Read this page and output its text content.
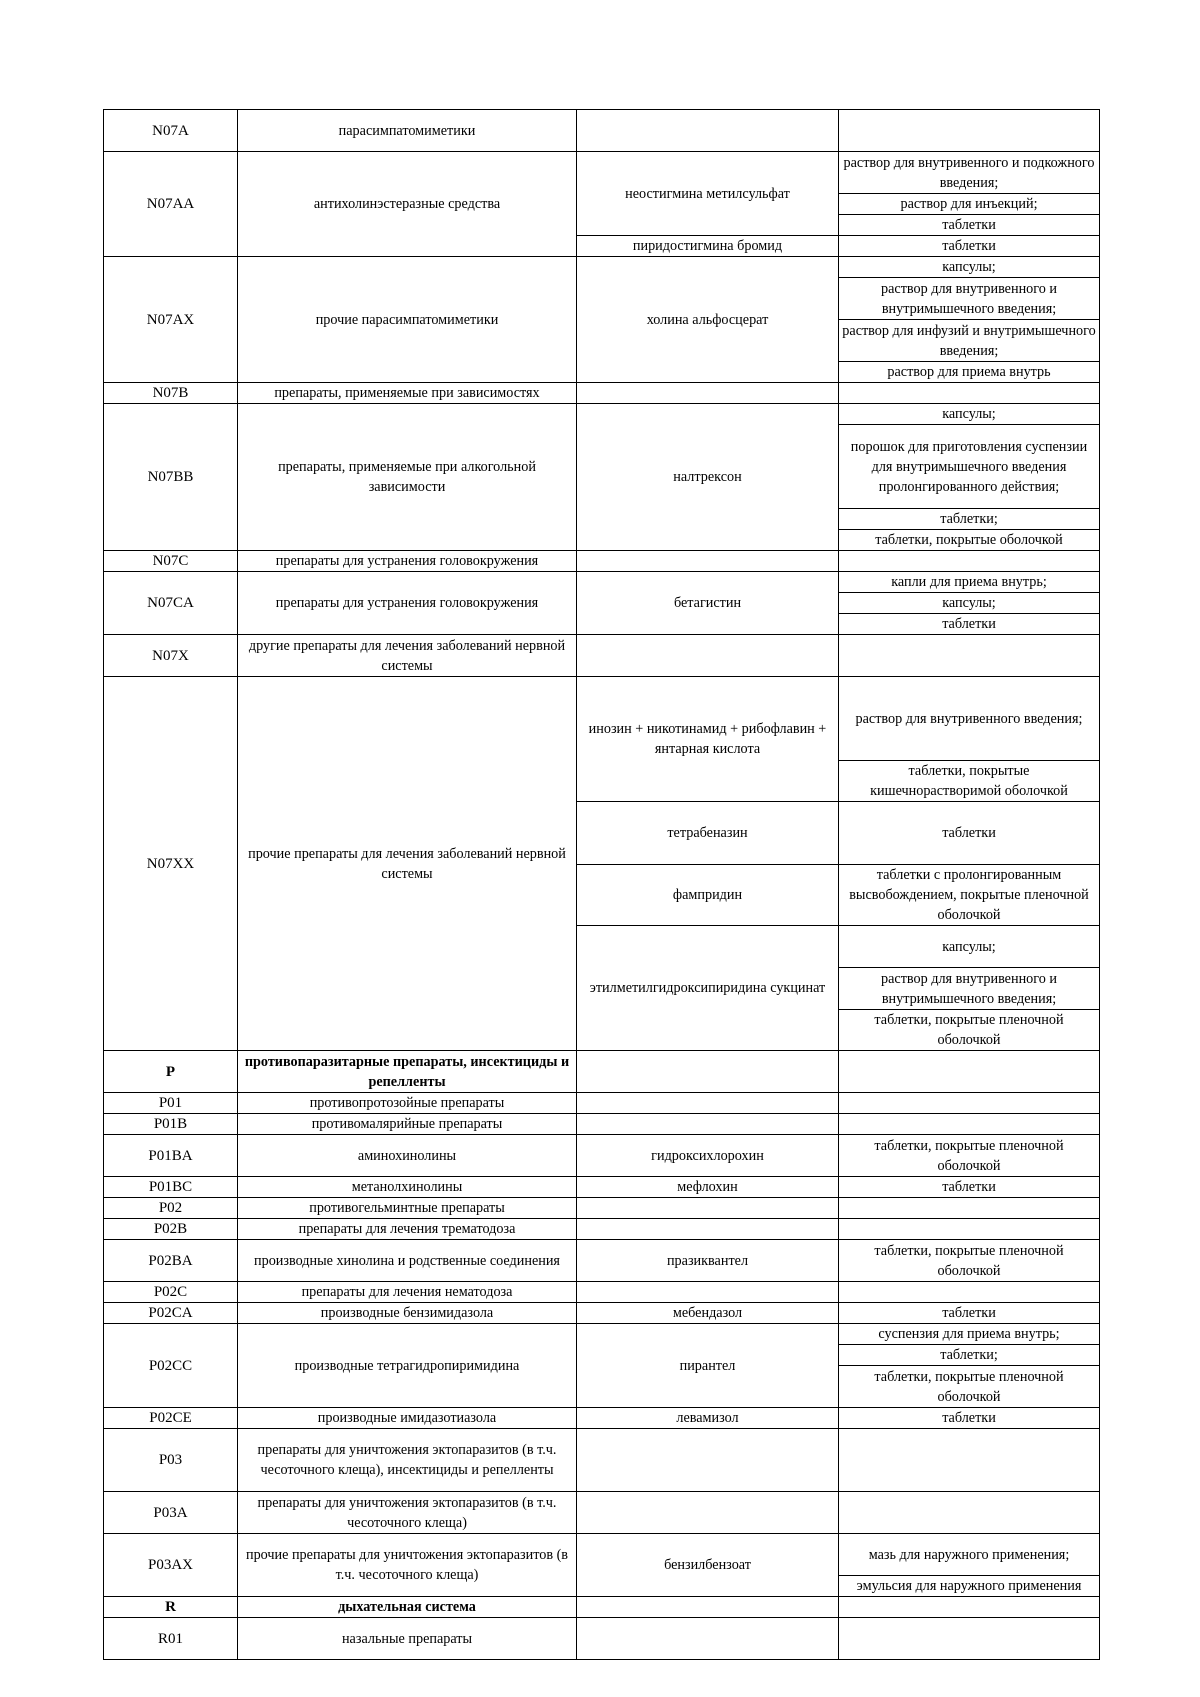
N07A	парасимпатомиметики		
N07AA	антихолинэстеразные средства	неостигмина метилсульфат	раствор для внутривенного и подкожного введения;
			раствор для инъекций;
			таблетки
		пиридостигмина бромид	таблетки
N07AX	прочие парасимпатомиметики	холина альфосцерат	капсулы;
			раствор для внутривенного и внутримышечного введения;
			раствор для инфузий и внутримышечного введения;
			раствор для приема внутрь
N07B	препараты, применяемые при зависимостях		
N07BB	препараты, применяемые при алкогольной зависимости	налтрексон	капсулы;
			порошок для приготовления суспензии для внутримышечного введения пролонгированного действия;
			таблетки;
			таблетки, покрытые оболочкой
N07C	препараты для устранения головокружения		
N07CA	препараты для устранения головокружения	бетагистин	капли для приема внутрь;
			капсулы;
			таблетки
N07X	другие препараты для лечения заболеваний нервной системы		
N07XX	прочие препараты для лечения заболеваний нервной системы	инозин + никотинамид + рибофлавин + янтарная кислота	раствор для внутривенного введения;
			таблетки, покрытые кишечнорастворимой оболочкой
		тетрабеназин	таблетки
		фампридин	таблетки с пролонгированным высвобождением, покрытые пленочной оболочкой
		этилметилгидроксипиридина сукцинат	капсулы;
			раствор для внутривенного и внутримышечного введения;
			таблетки, покрытые пленочной оболочкой
P	противопаразитарные препараты, инсектициды и репелленты		
P01	противопротозойные препараты		
P01B	противомалярийные препараты		
P01BA	аминохинолины	гидроксихлорохин	таблетки, покрытые пленочной оболочкой
P01BC	метанолхинолины	мефлохин	таблетки
P02	противогельминтные препараты		
P02B	препараты для лечения трематодоза		
P02BA	производные хинолина и родственные соединения	празиквантел	таблетки, покрытые пленочной оболочкой
P02C	препараты для лечения нематодоза		
P02CA	производные бензимидазола	мебендазол	таблетки
P02CC	производные тетрагидропиримидина	пирантел	суспензия для приема внутрь;
			таблетки;
			таблетки, покрытые пленочной оболочкой
P02CE	производные имидазотиазола	левамизол	таблетки
P03	препараты для уничтожения эктопаразитов (в т.ч. чесоточного клеща), инсектициды и репелленты		
P03A	препараты для уничтожения эктопаразитов (в т.ч. чесоточного клеща)		
P03AX	прочие препараты для уничтожения эктопаразитов (в т.ч. чесоточного клеща)	бензилбензоат	мазь для наружного применения;
			эмульсия для наружного применения
R	дыхательная система		
R01	назальные препараты		
